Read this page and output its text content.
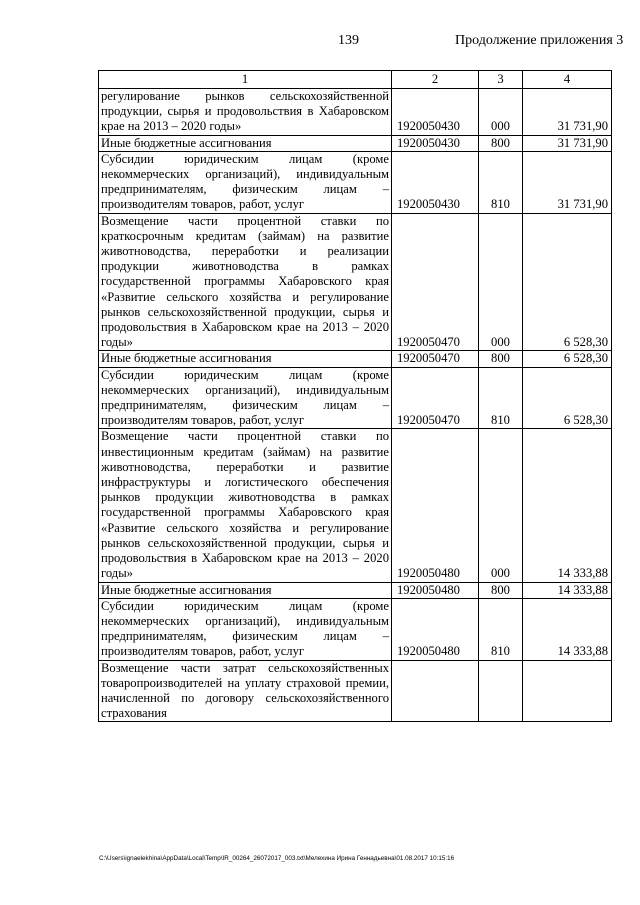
139	Продолжение приложения 3
1	2	3	4
регулирование рынков сельскохозяйственной продукции, сырья и продовольствия в Хабаровском крае на 2013 – 2020 годы»	1920050430	000	31 731,90
Иные бюджетные ассигнования	1920050430	800	31 731,90
Субсидии юридическим лицам (кроме некоммерческих организаций), индивидуальным предпринимателям, физическим лицам – производителям товаров, работ, услуг	1920050430	810	31 731,90
Возмещение части процентной ставки по краткосрочным кредитам (займам) на развитие животноводства, переработки и реализации продукции животноводства в рамках государственной программы Хабаровского края «Развитие сельского хозяйства и регулирование рынков сельскохозяйственной продукции, сырья и продовольствия в Хабаровском крае на 2013 – 2020 годы»	1920050470	000	6 528,30
Иные бюджетные ассигнования	1920050470	800	6 528,30
Субсидии юридическим лицам (кроме некоммерческих организаций), индивидуальным предпринимателям, физическим лицам – производителям товаров, работ, услуг	1920050470	810	6 528,30
Возмещение части процентной ставки по инвестиционным кредитам (займам) на развитие животноводства, переработки и развитие инфраструктуры и логистического обеспечения рынков продукции животноводства в рамках государственной программы Хабаровского края «Развитие сельского хозяйства и регулирование рынков сельскохозяйственной продукции, сырья и продовольствия в Хабаровском крае на 2013 – 2020 годы»	1920050480	000	14 333,88
Иные бюджетные ассигнования	1920050480	800	14 333,88
Субсидии юридическим лицам (кроме некоммерческих организаций), индивидуальным предпринимателям, физическим лицам – производителям товаров, работ, услуг	1920050480	810	14 333,88
Возмещение части затрат сельскохозяйственных товаропроизводителей на уплату страховой премии, начисленной по договору сельскохозяйственного страхования			
C:\Users\ignaelekhina\AppData\Local\Temp\IR_00264_26072017_003.txt\Мелехина Ирина Геннадьевна\01.08.2017 10:15:16
